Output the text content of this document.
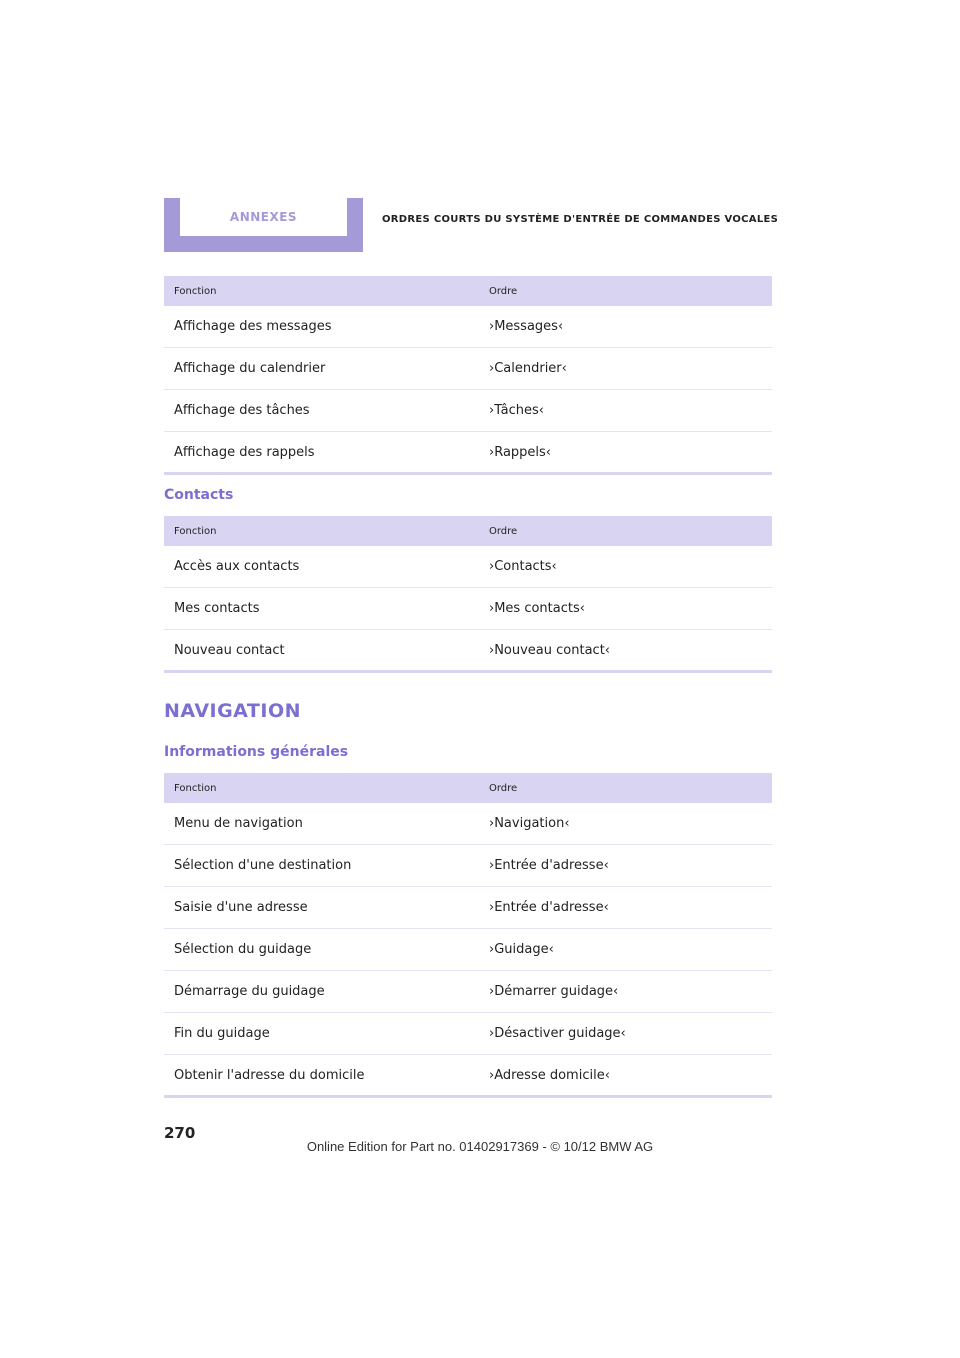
ANNEXES	ORDRES COURTS DU SYSTÈME D'ENTRÉE DE COMMANDES VOCALES
Fonction	Ordre
Affichage des messages	›Messages‹
Affichage du calendrier	›Calendrier‹
Affichage des tâches	›Tâches‹
Affichage des rappels	›Rappels‹
Contacts
Fonction	Ordre
Accès aux contacts	›Contacts‹
Mes contacts	›Mes contacts‹
Nouveau contact	›Nouveau contact‹
NAVIGATION
Informations générales
Fonction	Ordre
Menu de navigation	›Navigation‹
Sélection d'une destination	›Entrée d'adresse‹
Saisie d'une adresse	›Entrée d'adresse‹
Sélection du guidage	›Guidage‹
Démarrage du guidage	›Démarrer guidage‹
Fin du guidage	›Désactiver guidage‹
Obtenir l'adresse du domicile	›Adresse domicile‹
270
Online Edition for Part no. 01402917369 - © 10/12 BMW AG
